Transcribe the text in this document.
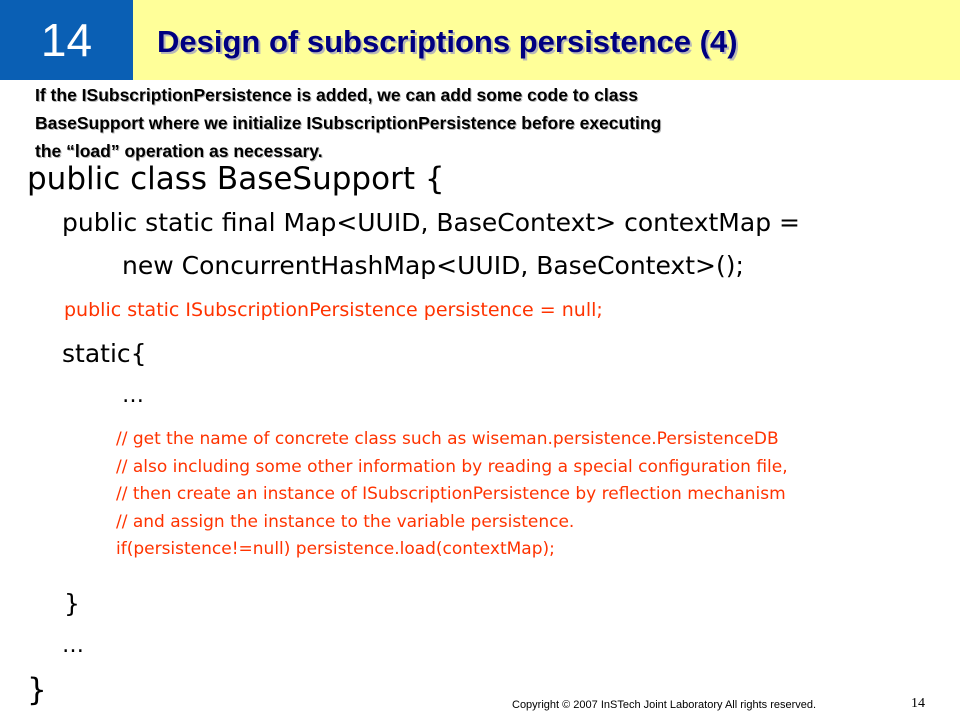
14 Design of subscriptions persistence (4)
If the ISubscriptionPersistence is added, we can add some code to class
BaseSupport where we initialize ISubscriptionPersistence before executing
the “load” operation as necessary.
public class BaseSupport {
public static final Map<UUID, BaseContext> contextMap =
new ConcurrentHashMap<UUID, BaseContext>();
public static ISubscriptionPersistence persistence = null;
static{
…
// get the name of concrete class such as wiseman.persistence.PersistenceDB
// also including some other information by reading a special configuration file,
// then create an instance of ISubscriptionPersistence by reflection mechanism
// and assign the instance to the variable persistence.
if(persistence!=null) persistence.load(contextMap);
}
…
}	Copyright © 2007 InSTech Joint Laboratory All rights reserved.	14
